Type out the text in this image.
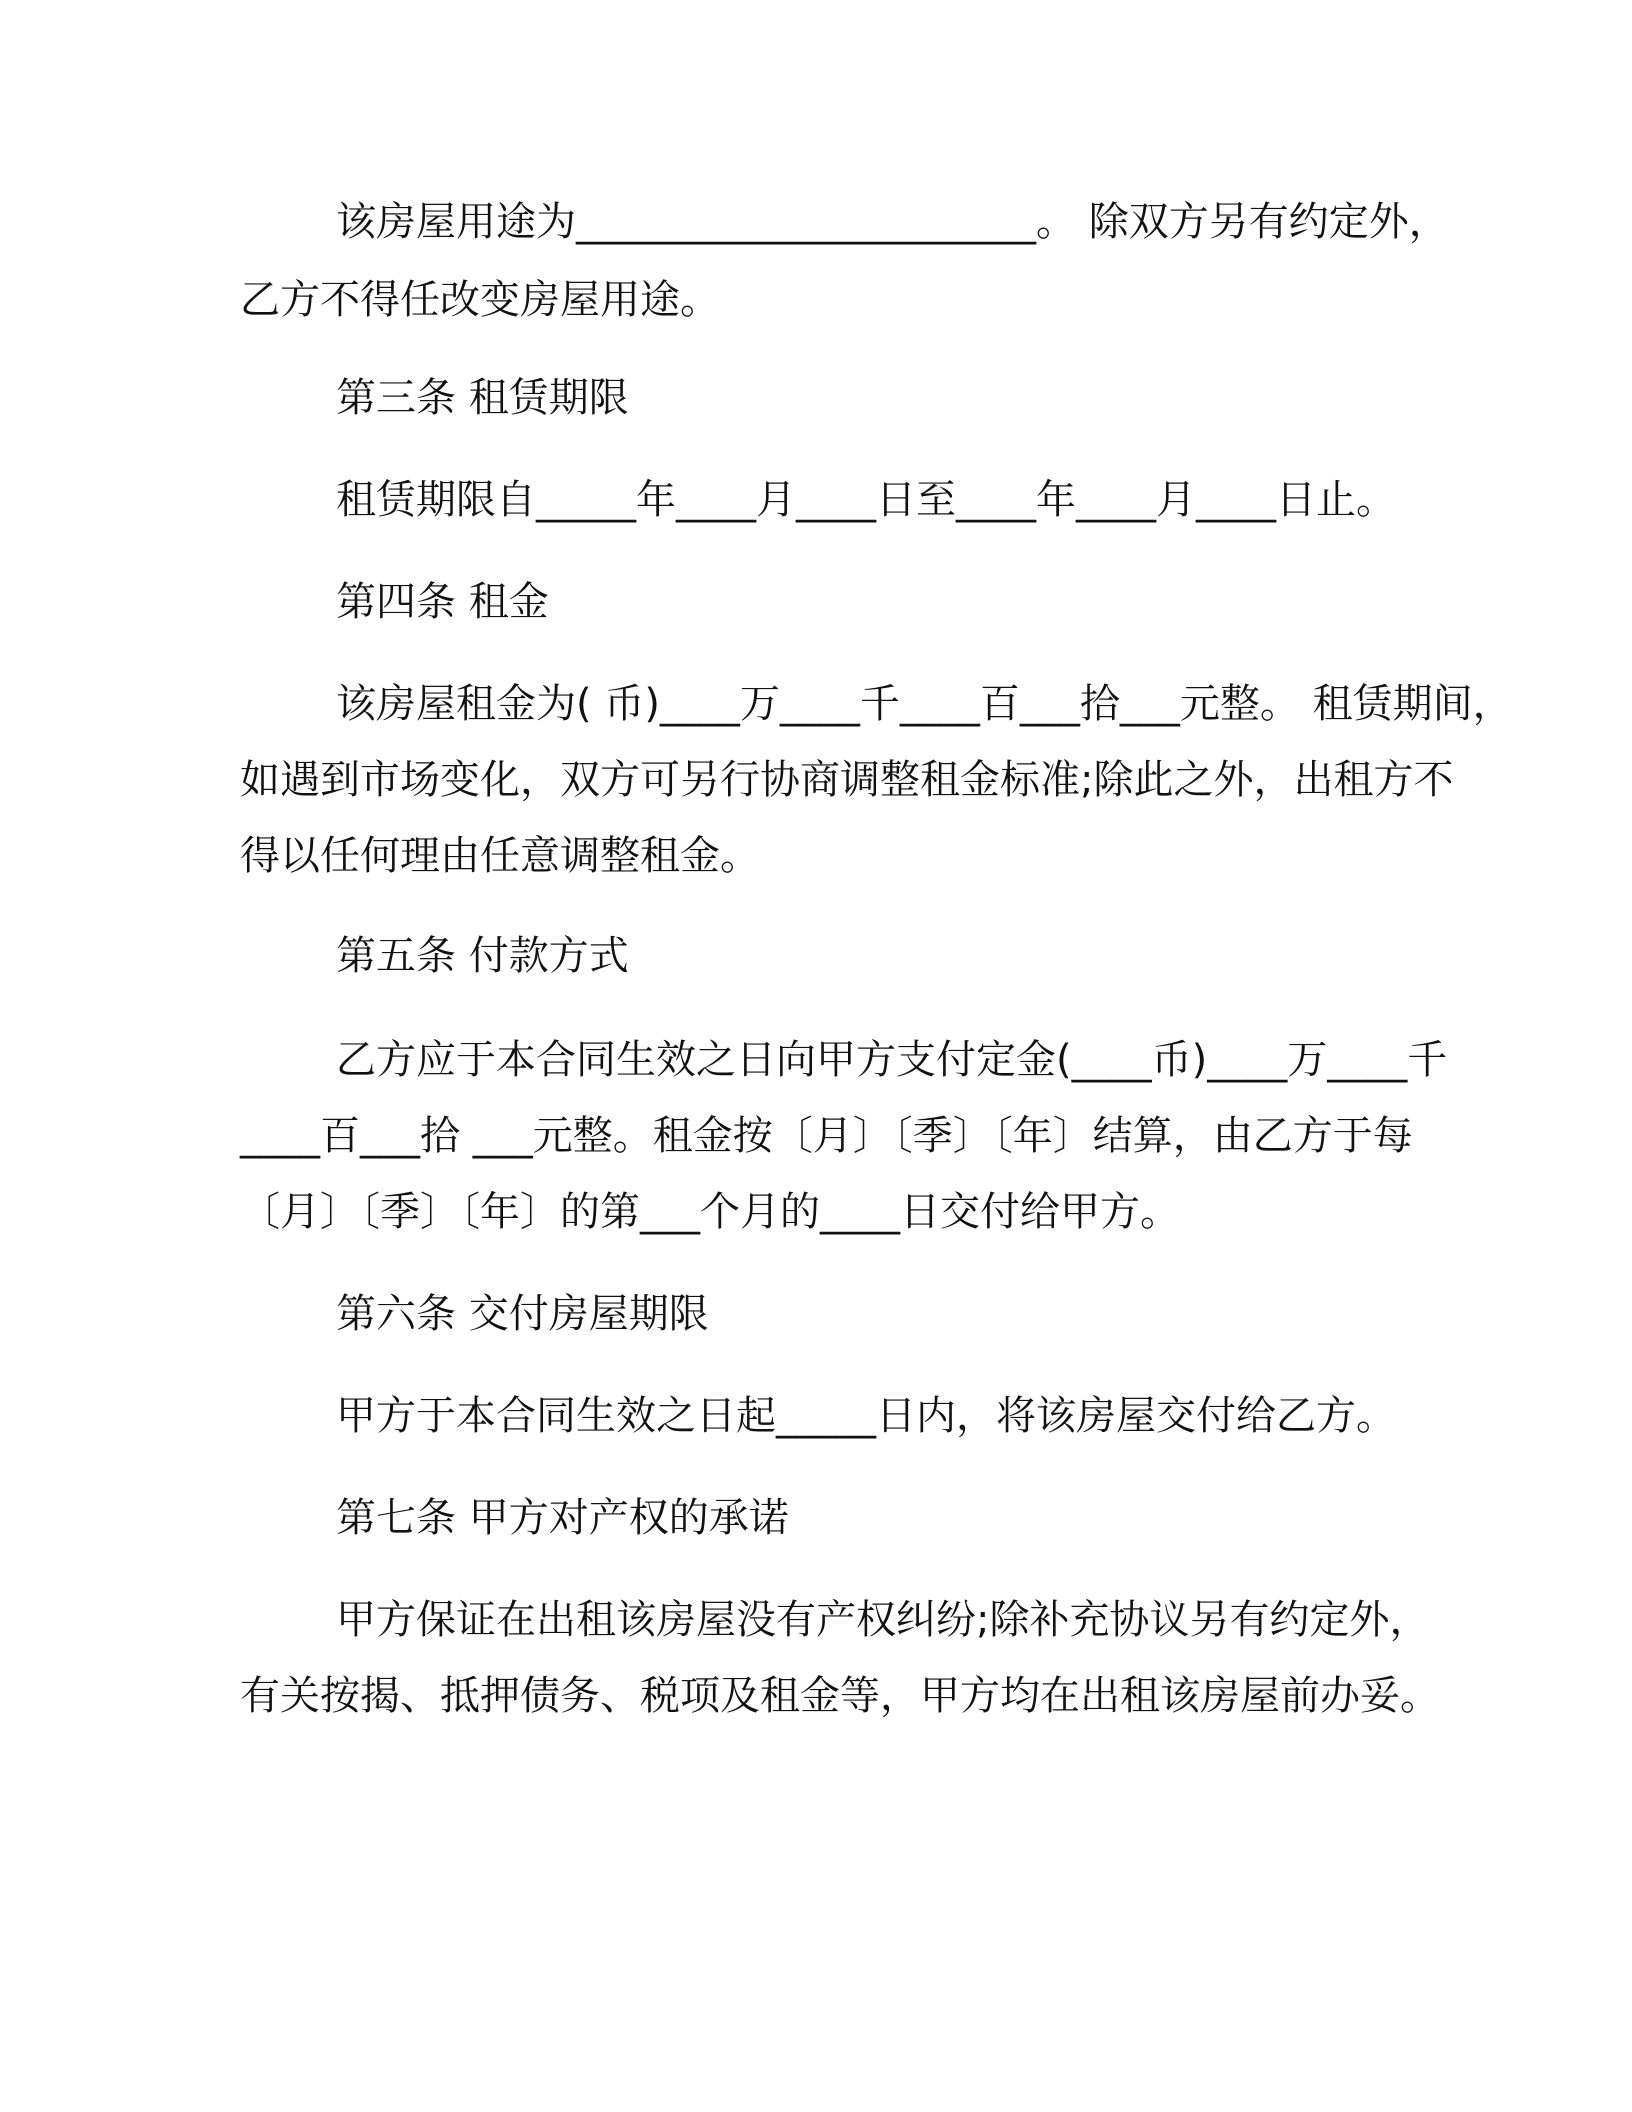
该房屋用途为_______________________。 除双方另有约定外，
乙方不得任改变房屋用途。
第三条 租赁期限
租赁期限自_____年____月____日至____年____月____日止。
第四条 租金
该房屋租金为( 币)____万____千____百___拾___元整。 租赁期间，
如遇到市场变化，双方可另行协商调整租金标准;除此之外，出租方不
得以任何理由任意调整租金。
第五条 付款方式
乙方应于本合同生效之日向甲方支付定金(____币)____万____千
____百___拾 ___元整。租金按〔月〕〔季〕〔年〕结算，由乙方于每
〔月〕〔季〕〔年〕的第___个月的____日交付给甲方。
第六条 交付房屋期限
甲方于本合同生效之日起_____日内，将该房屋交付给乙方。
第七条 甲方对产权的承诺
甲方保证在出租该房屋没有产权纠纷;除补充协议另有约定外，
有关按揭、抵押债务、税项及租金等，甲方均在出租该房屋前办妥。
